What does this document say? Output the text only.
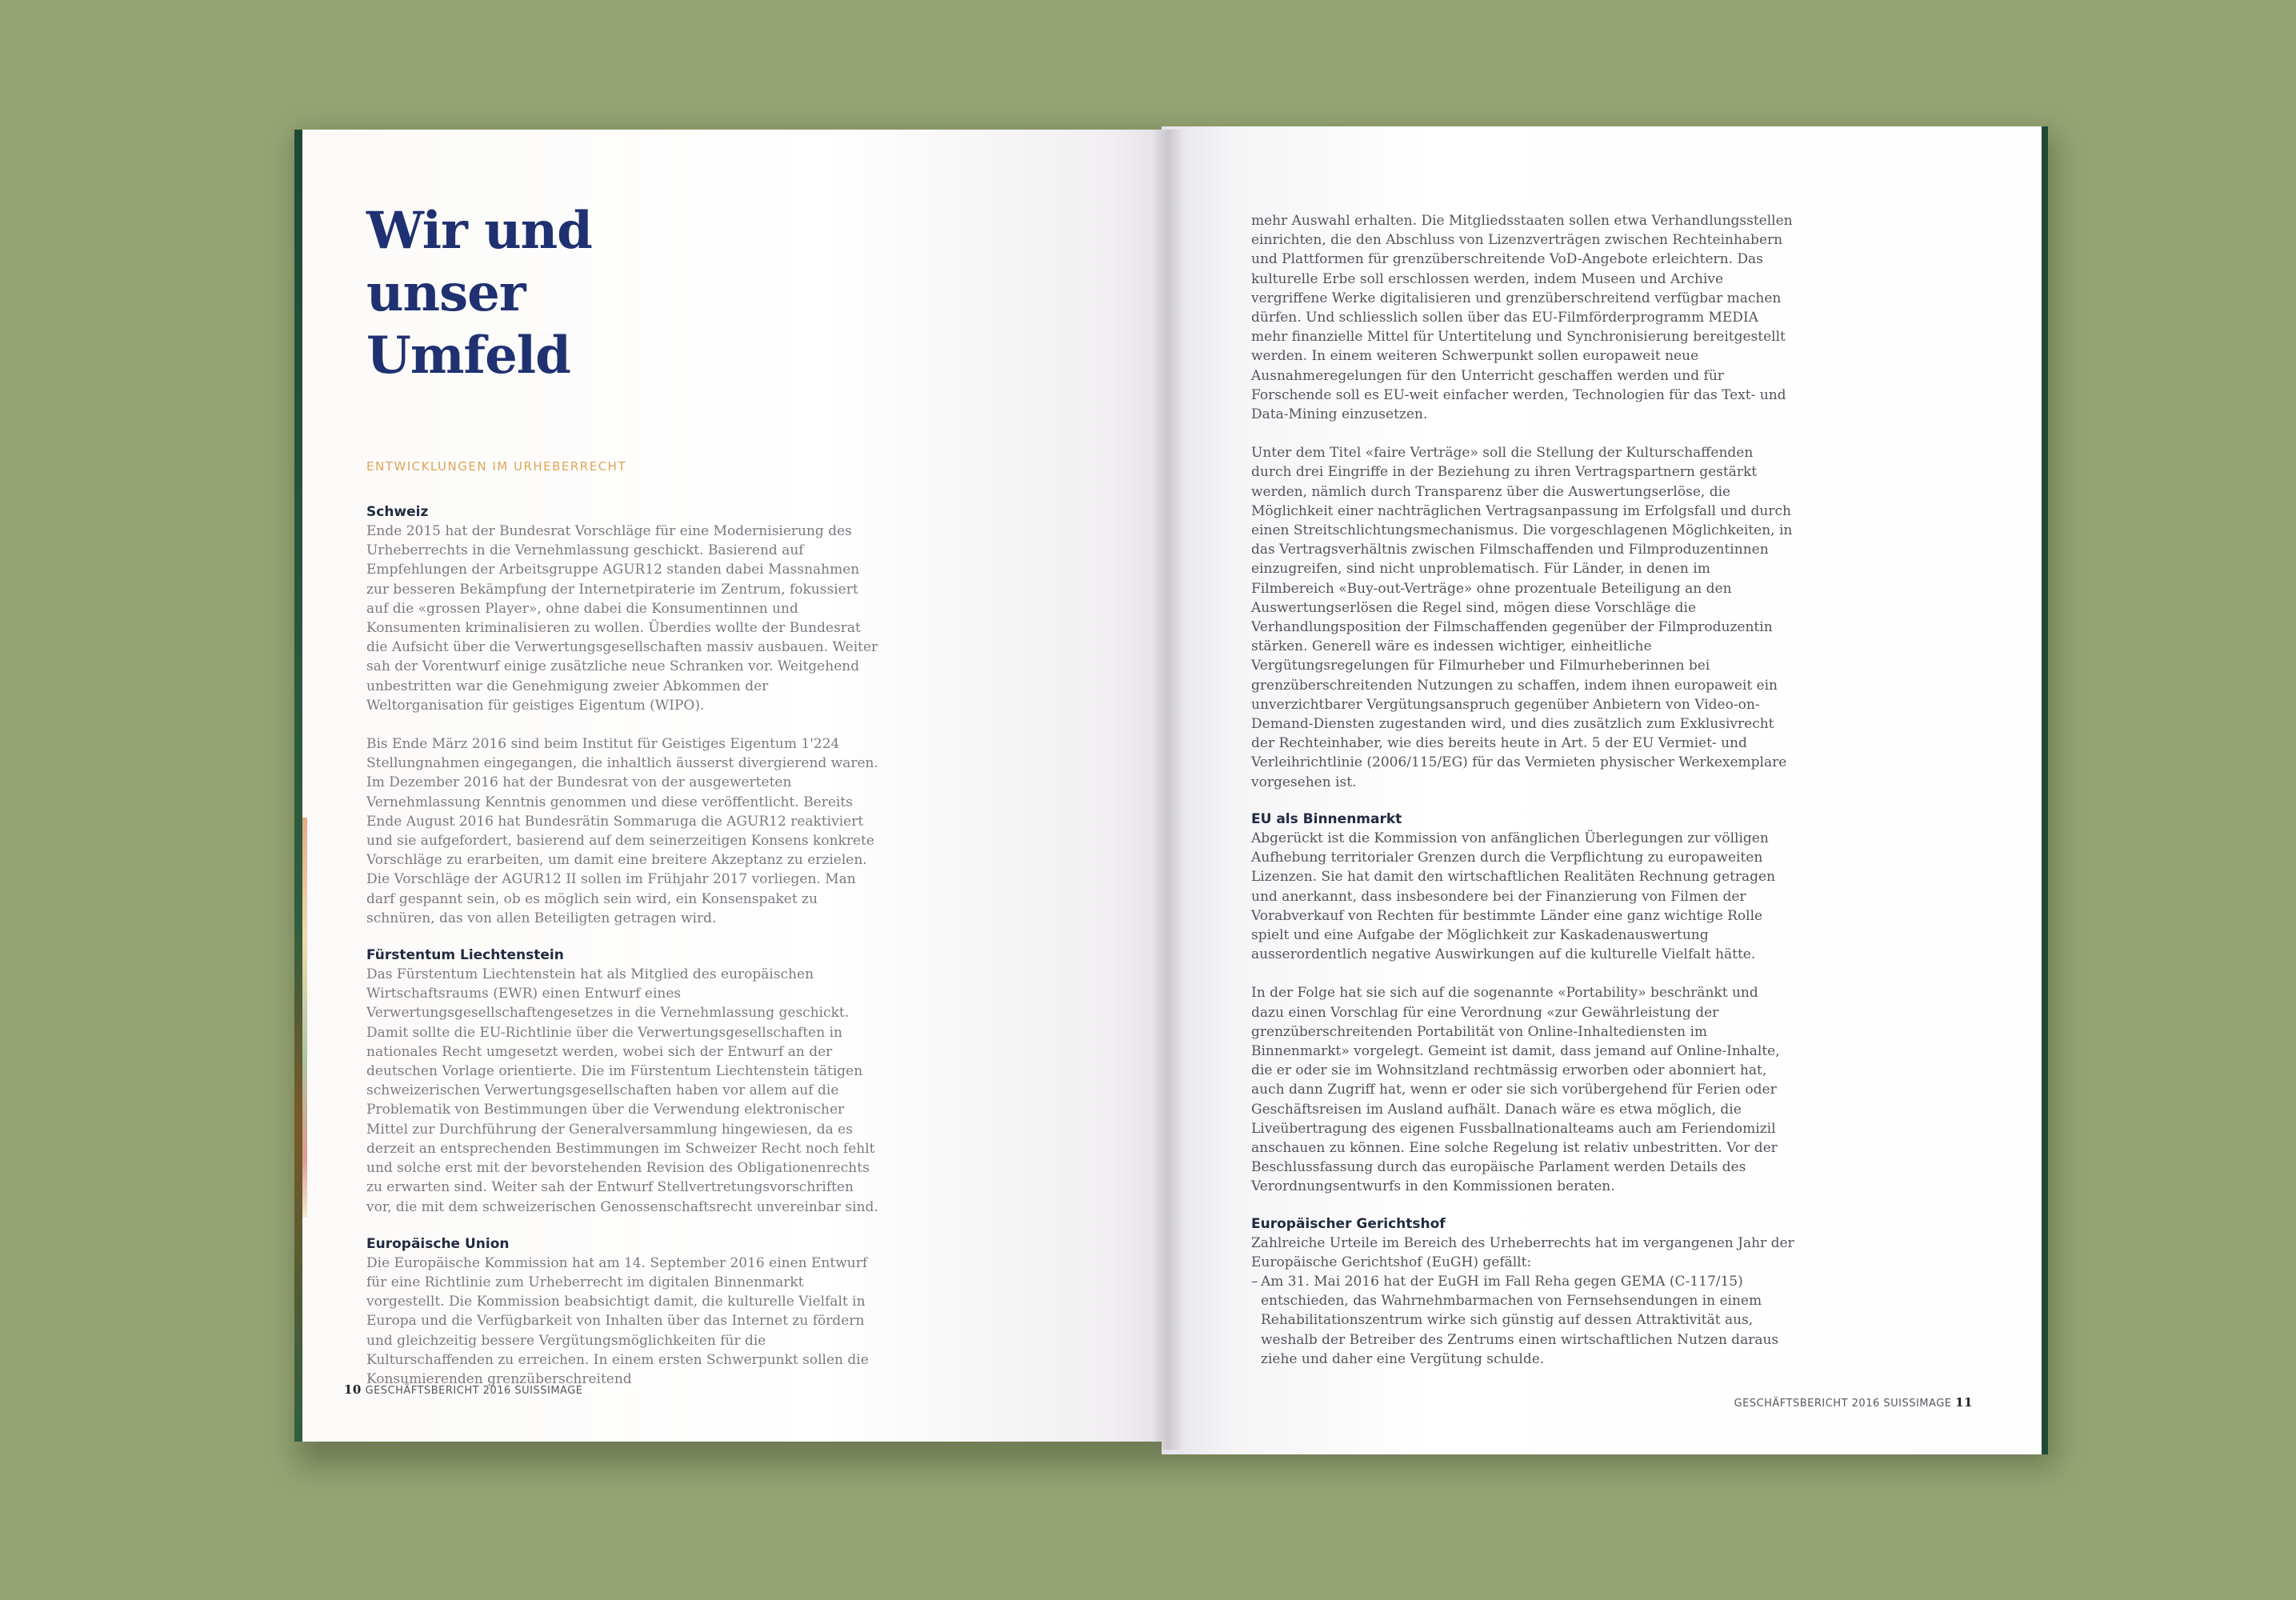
Wir und
unser
Umfeld
ENTWICKLUNGEN IM URHEBERRECHT
Schweiz

Ende 2015 hat der Bundesrat Vorschläge für eine Modernisierung des Urheberrechts in die Vernehmlassung geschickt. Basierend auf Empfehlungen der Arbeitsgruppe AGUR12 standen dabei Massnahmen zur besseren Bekämpfung der Internetpiraterie im Zentrum, fokussiert auf die «grossen Player», ohne dabei die Konsumentinnen und Konsumenten kriminalisieren zu wollen. Überdies wollte der Bundesrat die Aufsicht über die Verwertungsgesellschaften massiv ausbauen. Weiter sah der Vorentwurf einige zusätzliche neue Schranken vor. Weitgehend unbestritten war die Genehmigung zweier Abkommen der Weltorganisation für geistiges Eigentum (WIPO).

Bis Ende März 2016 sind beim Institut für Geistiges Eigentum 1'224 Stellungnahmen eingegangen, die inhaltlich äusserst divergierend waren. Im Dezember 2016 hat der Bundesrat von der ausgewerteten Vernehmlassung Kenntnis genommen und diese veröffentlicht. Bereits Ende August 2016 hat Bundesrätin Sommaruga die AGUR12 reaktiviert und sie aufgefordert, basierend auf dem seinerzeitigen Konsens konkrete Vorschläge zu erarbeiten, um damit eine breitere Akzeptanz zu erzielen. Die Vorschläge der AGUR12 II sollen im Frühjahr 2017 vorliegen. Man darf gespannt sein, ob es möglich sein wird, ein Konsenspaket zu schnüren, das von allen Beteiligten getragen wird.

Fürstentum Liechtenstein

Das Fürstentum Liechtenstein hat als Mitglied des europäischen Wirtschaftsraums (EWR) einen Entwurf eines Verwertungsgesellschaftengesetzes in die Vernehmlassung geschickt. Damit sollte die EU-Richtlinie über die Verwertungsgesellschaften in nationales Recht umgesetzt werden, wobei sich der Entwurf an der deutschen Vorlage orientierte. Die im Fürstentum Liechtenstein tätigen schweizerischen Verwertungsgesellschaften haben vor allem auf die Problematik von Bestimmungen über die Verwendung elektronischer Mittel zur Durchführung der Generalversammlung hingewiesen, da es derzeit an entsprechenden Bestimmungen im Schweizer Recht noch fehlt und solche erst mit der bevorstehenden Revision des Obligationenrechts zu erwarten sind. Weiter sah der Entwurf Stellvertretungsvorschriften vor, die mit dem schweizerischen Genossenschaftsrecht unvereinbar sind.

Europäische Union

Die Europäische Kommission hat am 14. September 2016 einen Entwurf für eine Richtlinie zum Urheberrecht im digitalen Binnenmarkt vorgestellt. Die Kommission beabsichtigt damit, die kulturelle Vielfalt in Europa und die Verfügbarkeit von Inhalten über das Internet zu fördern und gleichzeitig bessere Vergütungsmöglichkeiten für die Kulturschaffenden zu erreichen. In einem ersten Schwerpunkt sollen die Konsumierenden grenzüberschreitend

10 GESCHÄFTSBERICHT 2016 SUISSIMAGE

mehr Auswahl erhalten. Die Mitgliedsstaaten sollen etwa Verhandlungsstellen einrichten, die den Abschluss von Lizenzverträgen zwischen Rechteinhabern und Plattformen für grenzüberschreitende VoD-Angebote erleichtern. Das kulturelle Erbe soll erschlossen werden, indem Museen und Archive vergriffene Werke digitalisieren und grenzüberschreitend verfügbar machen dürfen. Und schliesslich sollen über das EU-Filmförderprogramm MEDIA mehr finanzielle Mittel für Untertitelung und Synchronisierung bereitgestellt werden. In einem weiteren Schwerpunkt sollen europaweit neue Ausnahmeregelungen für den Unterricht geschaffen werden und für Forschende soll es EU-weit einfacher werden, Technologien für das Text- und Data-Mining einzusetzen.

Unter dem Titel «faire Verträge» soll die Stellung der Kulturschaffenden durch drei Eingriffe in der Beziehung zu ihren Vertragspartnern gestärkt werden, nämlich durch Transparenz über die Auswertungserlöse, die Möglichkeit einer nachträglichen Vertragsanpassung im Erfolgsfall und durch einen Streitschlichtungsmechanismus. Die vorgeschlagenen Möglichkeiten, in das Vertragsverhältnis zwischen Filmschaffenden und Filmproduzentinnen einzugreifen, sind nicht unproblematisch. Für Länder, in denen im Filmbereich «Buy-out-Verträge» ohne prozentuale Beteiligung an den Auswertungserlösen die Regel sind, mögen diese Vorschläge die Verhandlungsposition der Filmschaffenden gegenüber der Filmproduzentin stärken. Generell wäre es indessen wichtiger, einheitliche Vergütungsregelungen für Filmurheber und Filmurheberinnen bei grenzüberschreitenden Nutzungen zu schaffen, indem ihnen europaweit ein unverzichtbarer Vergütungsanspruch gegenüber Anbietern von Video-on-Demand-Diensten zugestanden wird, und dies zusätzlich zum Exklusivrecht der Rechteinhaber, wie dies bereits heute in Art. 5 der EU Vermiet- und Verleihrichtlinie (2006/115/EG) für das Vermieten physischer Werkexemplare vorgesehen ist.

EU als Binnenmarkt

Abgerückt ist die Kommission von anfänglichen Überlegungen zur völligen Aufhebung territorialer Grenzen durch die Verpflichtung zu europaweiten Lizenzen. Sie hat damit den wirtschaftlichen Realitäten Rechnung getragen und anerkannt, dass insbesondere bei der Finanzierung von Filmen der Vorabverkauf von Rechten für bestimmte Länder eine ganz wichtige Rolle spielt und eine Aufgabe der Möglichkeit zur Kaskadenauswertung ausserordentlich negative Auswirkungen auf die kulturelle Vielfalt hätte.

In der Folge hat sie sich auf die sogenannte «Portability» beschränkt und dazu einen Vorschlag für eine Verordnung «zur Gewährleistung der grenzüberschreitenden Portabilität von Online-Inhaltediensten im Binnenmarkt» vorgelegt. Gemeint ist damit, dass jemand auf Online-Inhalte, die er oder sie im Wohnsitzland rechtmässig erworben oder abonniert hat, auch dann Zugriff hat, wenn er oder sie sich vorübergehend für Ferien oder Geschäftsreisen im Ausland aufhält. Danach wäre es etwa möglich, die Liveübertragung des eigenen Fussballnationalteams auch am Feriendomizil anschauen zu können. Eine solche Regelung ist relativ unbestritten. Vor der Beschlussfassung durch das europäische Parlament werden Details des Verordnungsentwurfs in den Kommissionen beraten.

Europäischer Gerichtshof

Zahlreiche Urteile im Bereich des Urheberrechts hat im vergangenen Jahr der Europäische Gerichtshof (EuGH) gefällt:

– Am 31. Mai 2016 hat der EuGH im Fall Reha gegen GEMA (C-117/15) entschieden, das Wahrnehmbarmachen von Fernsehsendungen in einem Rehabilitationszentrum wirke sich günstig auf dessen Attraktivität aus, weshalb der Betreiber des Zentrums einen wirtschaftlichen Nutzen daraus ziehe und daher eine Vergütung schulde.
GESCHÄFTSBERICHT 2016 SUISSIMAGE 11
